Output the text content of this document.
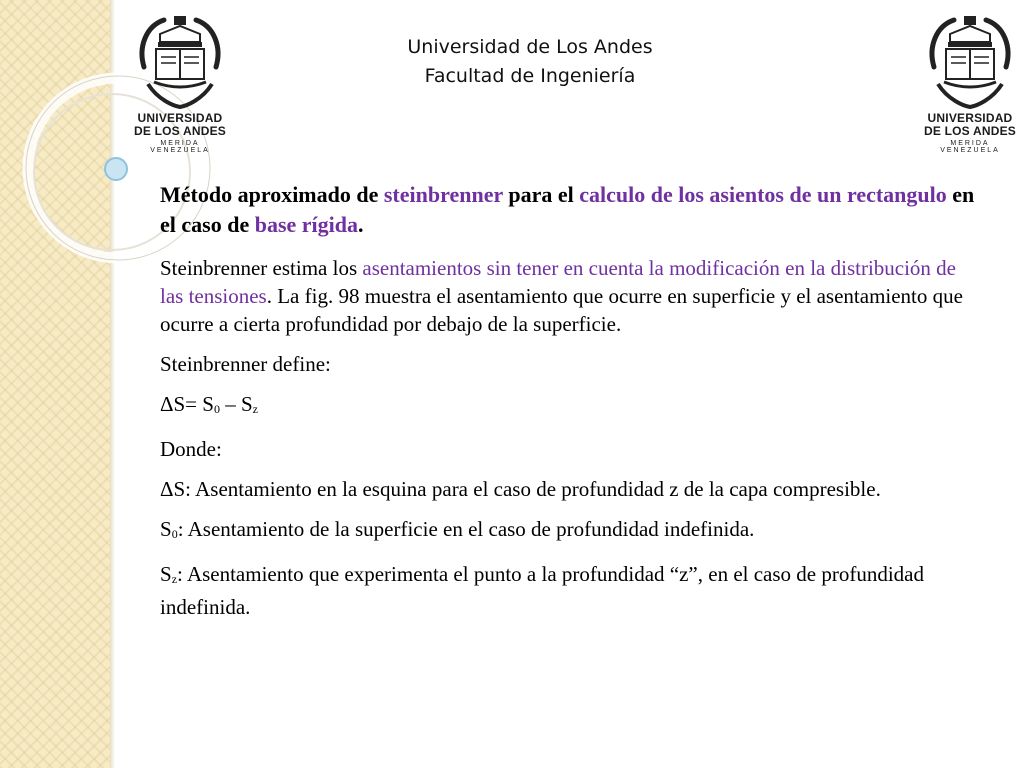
Universidad de Los Andes
Facultad de Ingeniería
UNIVERSIDAD
DE LOS ANDES
MERIDA VENEZUELA
UNIVERSIDAD
DE LOS ANDES
MERIDA VENEZUELA

Método aproximado de steinbrenner para el calculo de los asientos de un rectangulo en el caso de base rígida.

Steinbrenner estima los asentamientos sin tener en cuenta la modificación en la distribución de las tensiones. La fig. 98 muestra el asentamiento que ocurre en superficie y el asentamiento que ocurre a cierta profundidad por debajo de la superficie.

Steinbrenner define:

$\Delta S= S_0 - S_z$

Donde:

ΔS: Asentamiento en la esquina para el caso de profundidad z de la capa compresible.

$S_0$: Asentamiento de la superficie en el caso de profundidad indefinida.

$S_z$: Asentamiento que experimenta el punto a la profundidad “z”, en el caso de profundidad indefinida.
